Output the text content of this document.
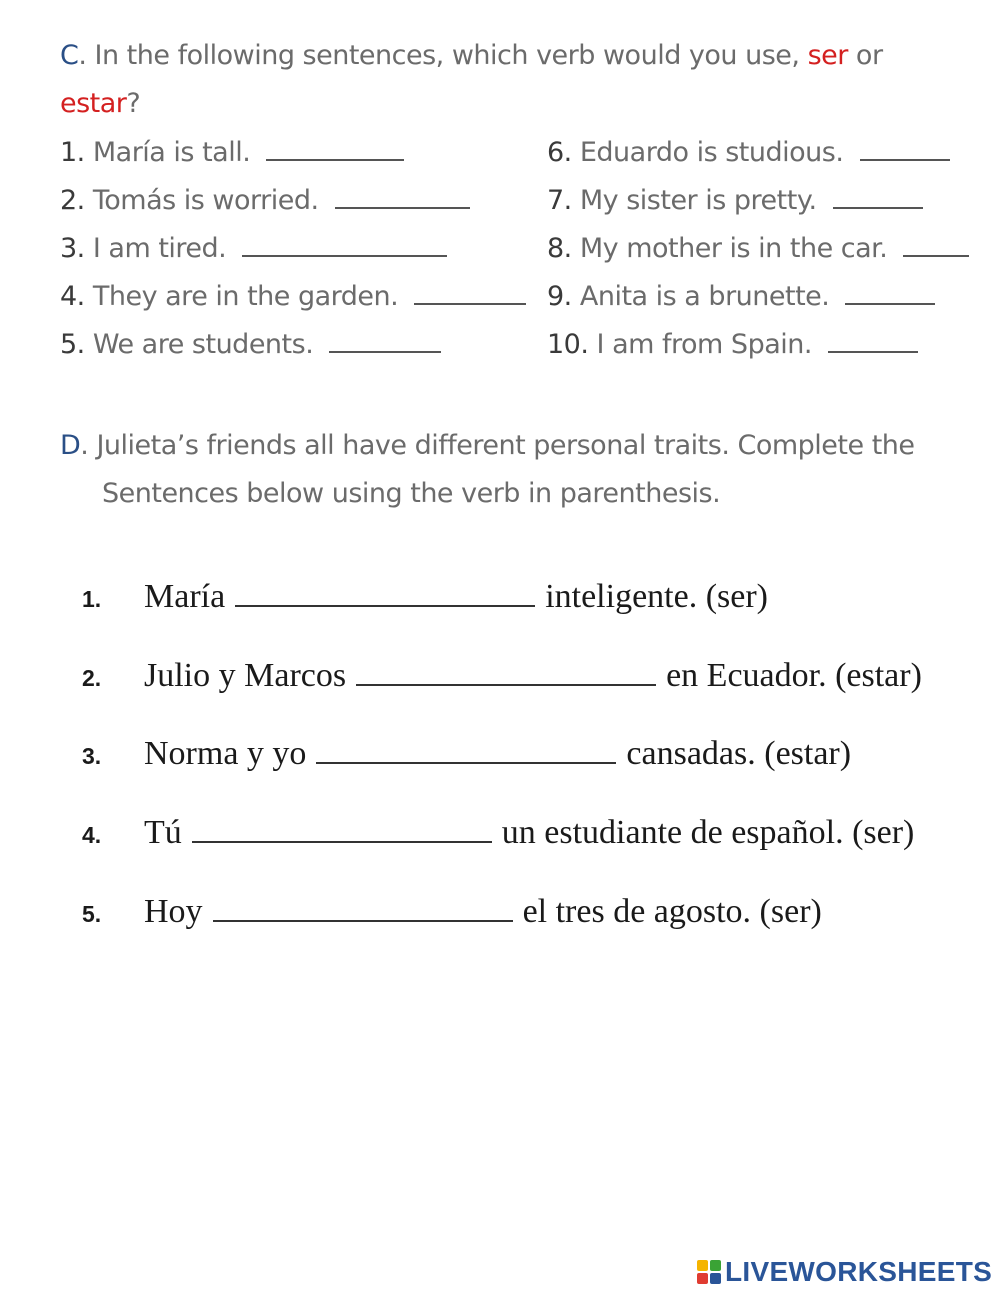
C. In the following sentences, which verb would you use, ser or
estar?
1. María is tall.
2. Tomás is worried.
3. I am tired.
4. They are in the garden.
5. We are students.
6. Eduardo is studious.
7. My sister is pretty.
8. My mother is in the car.
9. Anita is a brunette.
10. I am from Spain.
D. Julieta’s friends all have different personal traits. Complete the
Sentences below using the verb in parenthesis.
1. María	inteligente. (ser)
2. Julio y Marcos	en Ecuador. (estar)
3. Norma y yo	cansadas. (estar)
4. Tú	un estudiante de español. (ser)
5. Hoy	el tres de agosto. (ser)
LIVEWORKSHEETS
